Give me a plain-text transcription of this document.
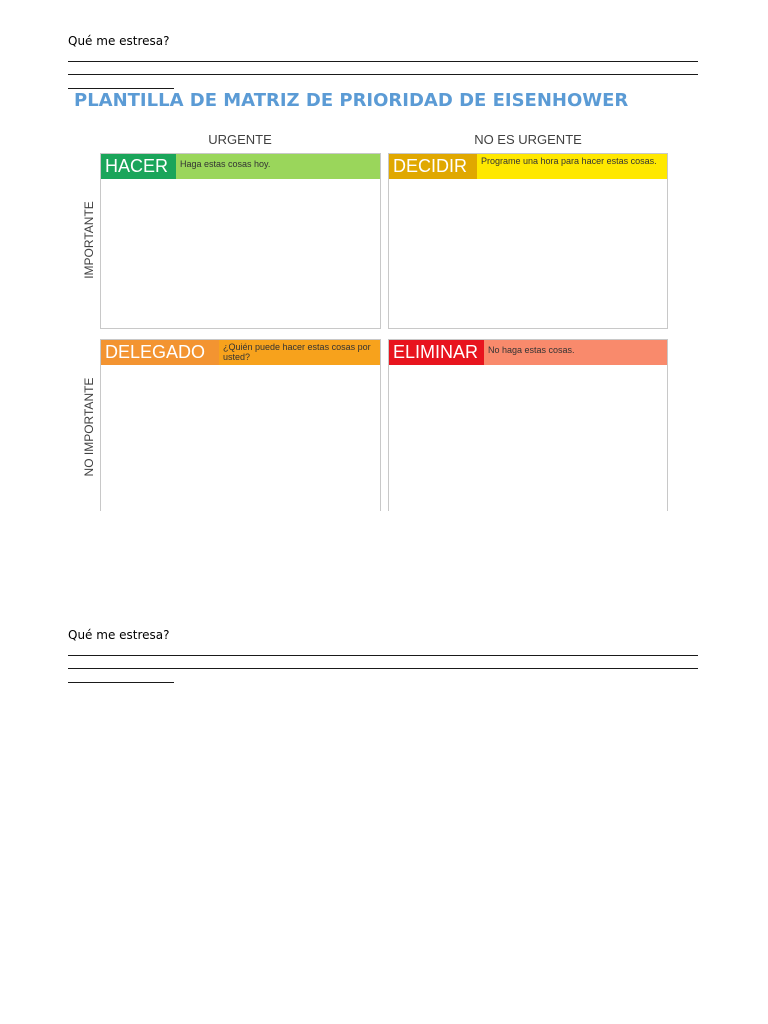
Qué me estresa?
PLANTILLA DE MATRIZ DE PRIORIDAD DE EISENHOWER
URGENTE	NO ES URGENTE
IMPORTANTE
NO IMPORTANTE
HACER	Haga estas cosas hoy.	DECIDIR	Programe una hora para hacer estas cosas.
DELEGADO	¿Quién puede hacer estas cosas por usted?	ELIMINAR	No haga estas cosas.
Qué me estresa?
